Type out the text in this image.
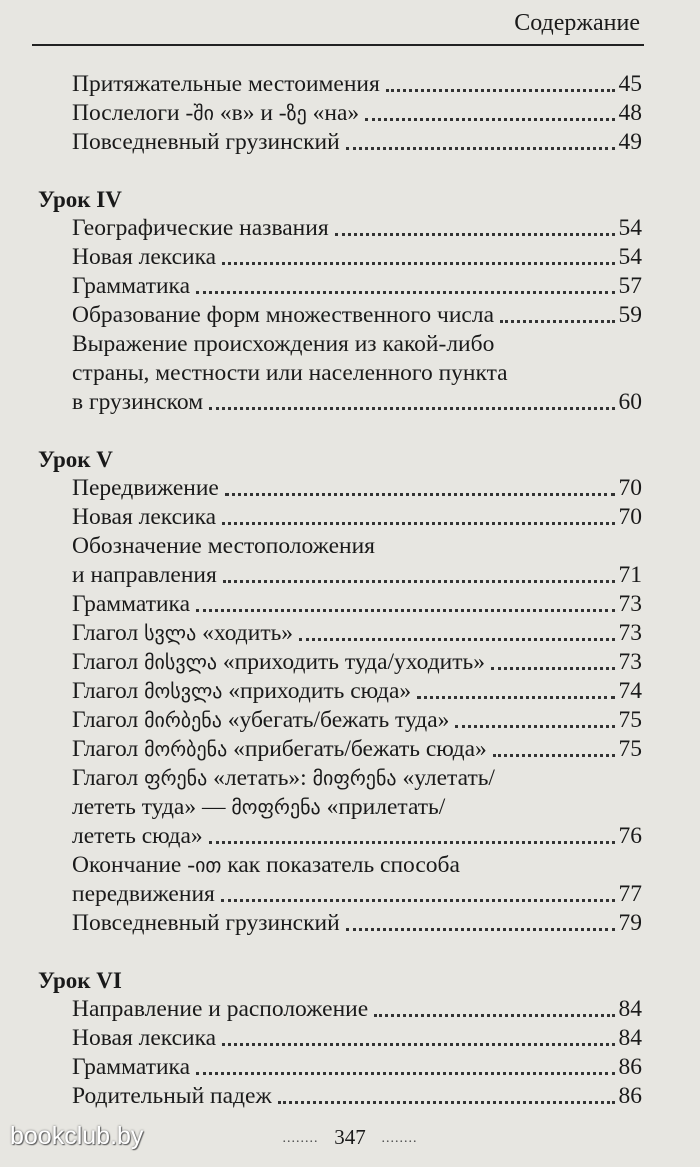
Содержание
Притяжательные местоимения	45
Послелоги -ში «в» и -ზე «на»	48
Повседневный грузинский	49
Урок IV
Географические названия	54
Новая лексика	54
Грамматика	57
Образование форм множественного числа	59
Выражение происхождения из какой-либо
страны, местности или населенного пункта
в грузинском	60
Урок V
Передвижение	70
Новая лексика	70
Обозначение местоположения
и направления	71
Грамматика	73
Глагол სვლა «ходить»	73
Глагол მისვლა «приходить туда/уходить»	73
Глагол მოსვლა «приходить сюда»	74
Глагол მირბენა «убегать/бежать туда»	75
Глагол მორბენა «прибегать/бежать сюда»	75
Глагол ფრენა «летать»: მიფრენა «улетать/
лететь туда» — მოფრენა «прилетать/
лететь сюда»	76
Окончание -ით как показатель способа
передвижения	77
Повседневный грузинский	79
Урок VI
Направление и расположение	84
Новая лексика	84
Грамматика	86
Родительный падеж	86
........ 347 ........
bookclub.by
